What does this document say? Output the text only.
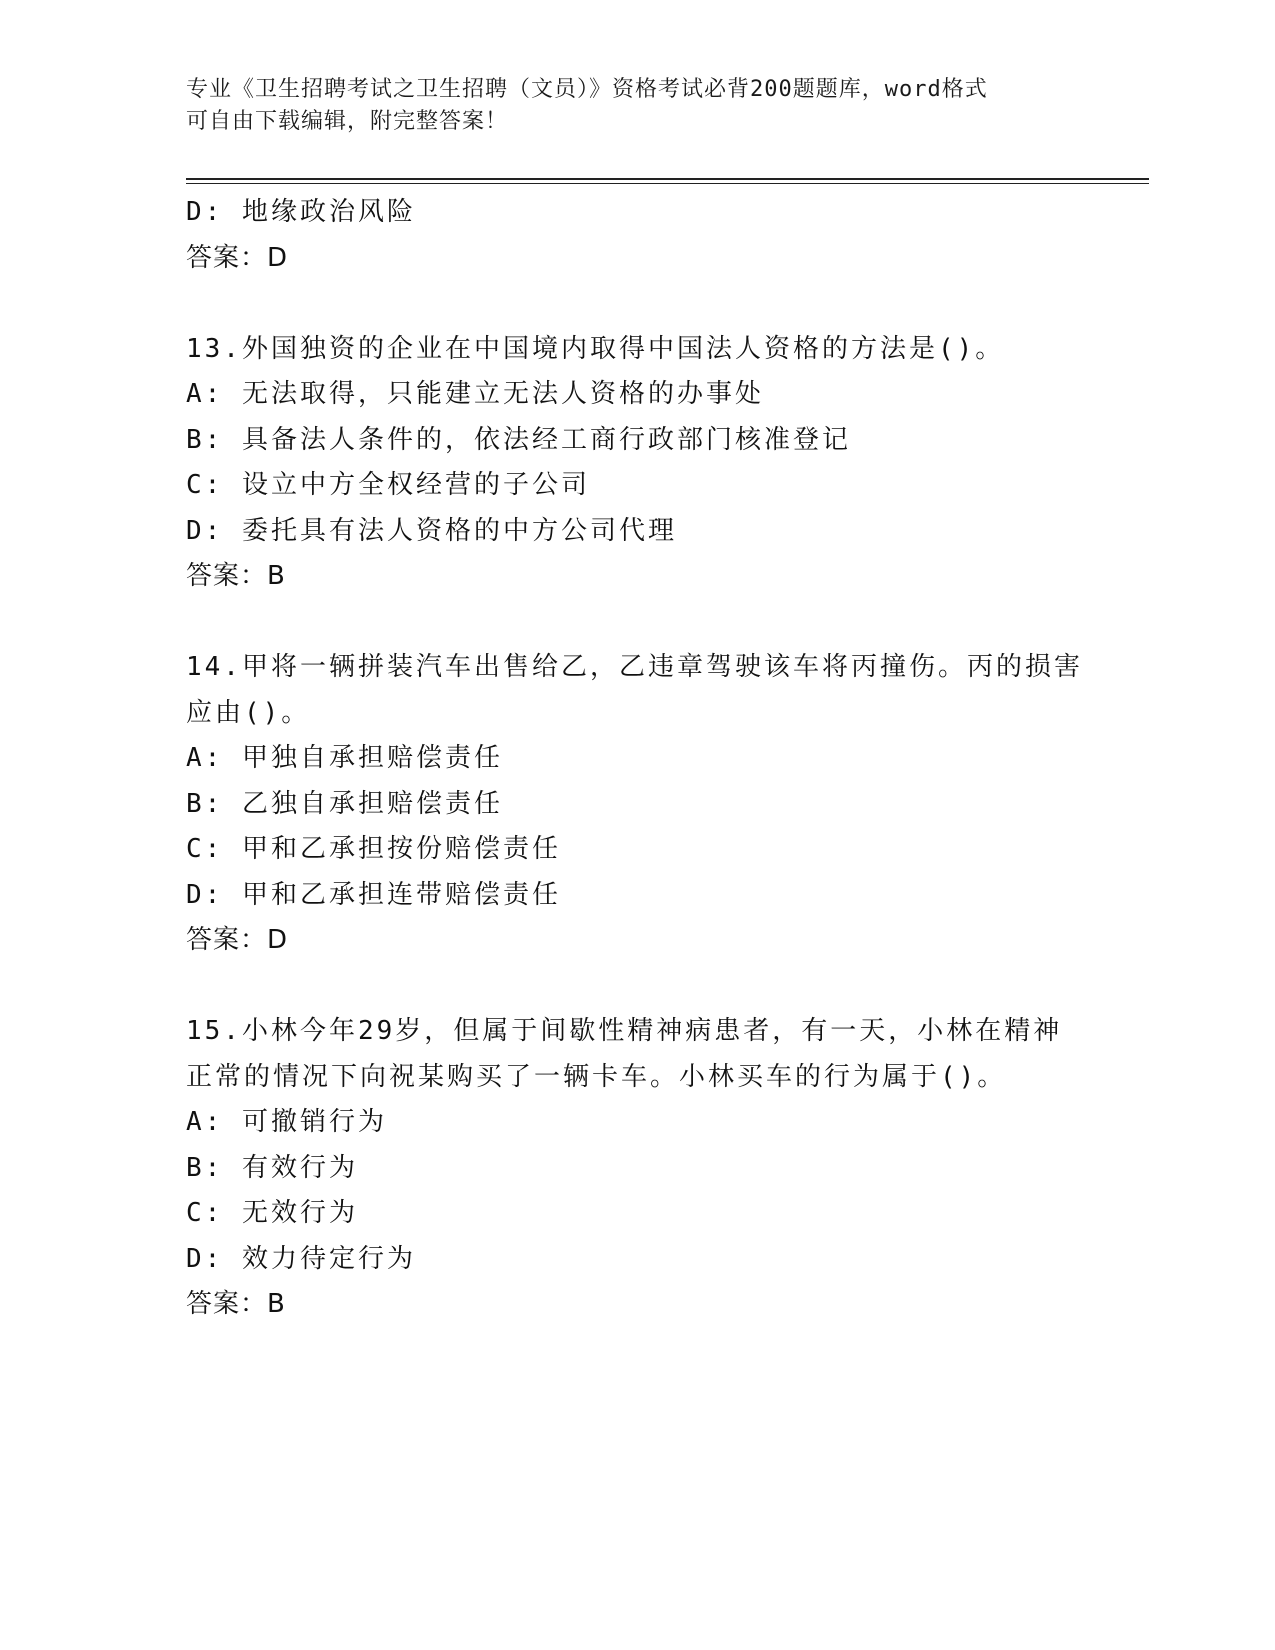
专业《卫生招聘考试之卫生招聘（文员）》资格考试必背200题题库，word格式
可自由下载编辑，附完整答案！
D: 地缘政治风险
答案：D
13.外国独资的企业在中国境内取得中国法人资格的方法是()。
A: 无法取得，只能建立无法人资格的办事处
B: 具备法人条件的，依法经工商行政部门核准登记
C: 设立中方全权经营的子公司
D: 委托具有法人资格的中方公司代理
答案：B
14.甲将一辆拼装汽车出售给乙，乙违章驾驶该车将丙撞伤。丙的损害
应由()。
A: 甲独自承担赔偿责任
B: 乙独自承担赔偿责任
C: 甲和乙承担按份赔偿责任
D: 甲和乙承担连带赔偿责任
答案：D
15.小林今年29岁，但属于间歇性精神病患者，有一天，小林在精神
正常的情况下向祝某购买了一辆卡车。小林买车的行为属于()。
A: 可撤销行为
B: 有效行为
C: 无效行为
D: 效力待定行为
答案：B
